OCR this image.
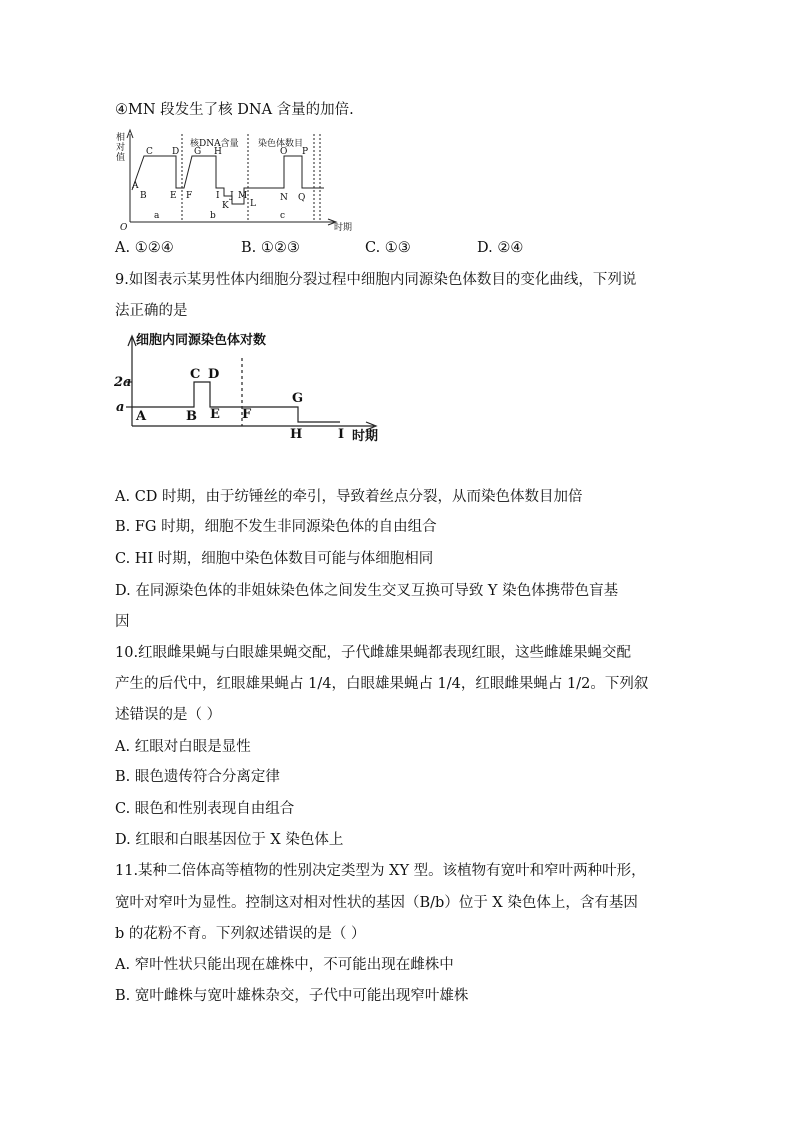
④MN 段发生了核 DNA 含量的加倍.
相
对
值
O	时期
核DNA含量 染色体数目
A
B
C D
E F
G H
I J
K L
M	N
O P
Q
a	b	c
A. ①②④	B. ①②③	C. ①③	D. ②④
9.如图表示某男性体内细胞分裂过程中细胞内同源染色体数目的变化曲线，下列说
法正确的是
细胞内同源染色体对数
2a
a
A	B
C D
E F
G
H	I 时期
A. CD 时期，由于纺锤丝的牵引，导致着丝点分裂，从而染色体数目加倍
B. FG 时期，细胞不发生非同源染色体的自由组合
C. HI 时期，细胞中染色体数目可能与体细胞相同
D. 在同源染色体的非姐妹染色体之间发生交叉互换可导致 Y 染色体携带色盲基
因
10.红眼雌果蝇与白眼雄果蝇交配，子代雌雄果蝇都表现红眼，这些雌雄果蝇交配
产生的后代中，红眼雄果蝇占 1/4，白眼雄果蝇占 1/4，红眼雌果蝇占 1/2。下列叙
述错误的是（ ）
A. 红眼对白眼是显性
B. 眼色遗传符合分离定律
C. 眼色和性别表现自由组合
D. 红眼和白眼基因位于 X 染色体上
11.某种二倍体高等植物的性别决定类型为 XY 型。该植物有宽叶和窄叶两种叶形，
宽叶对窄叶为显性。控制这对相对性状的基因（B/b）位于 X 染色体上，含有基因
b 的花粉不育。下列叙述错误的是（ ）
A. 窄叶性状只能出现在雄株中，不可能出现在雌株中
B. 宽叶雌株与宽叶雄株杂交，子代中可能出现窄叶雄株
